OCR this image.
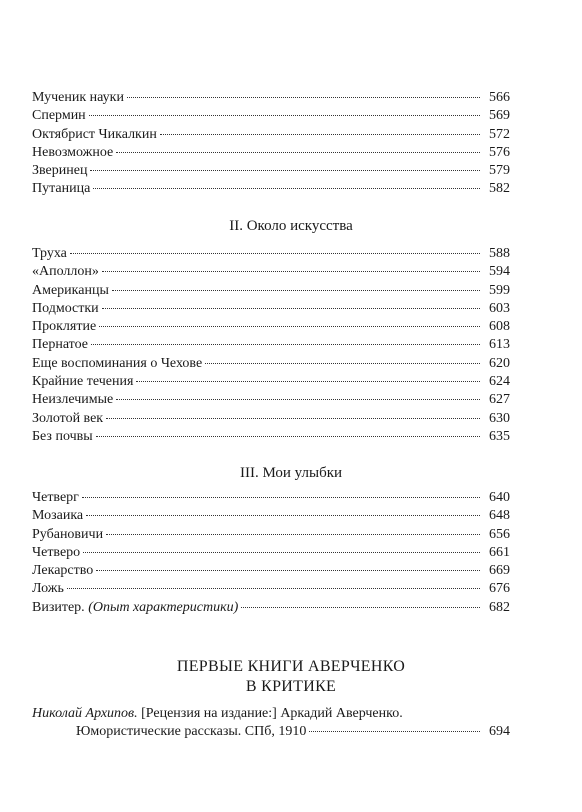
Мученик науки	566
Спермин	569
Октябрист Чикалкин	572
Невозможное	576
Зверинец	579
Путаница	582
II. Около искусства
Труха	588
«Аполлон»	594
Американцы	599
Подмостки	603
Проклятие	608
Пернатое	613
Еще воспоминания о Чехове	620
Крайние течения	624
Неизлечимые	627
Золотой век	630
Без почвы	635
III. Мои улыбки
Четверг	640
Мозаика	648
Рубановичи	656
Четверо	661
Лекарство	669
Ложь	676
Визитер. (Опыт характеристики)	682
ПЕРВЫЕ КНИГИ АВЕРЧЕНКО
В КРИТИКЕ
Николай Архипов. [Рецензия на издание:] Аркадий Аверченко.
Юмористические рассказы. СПб, 1910	694
